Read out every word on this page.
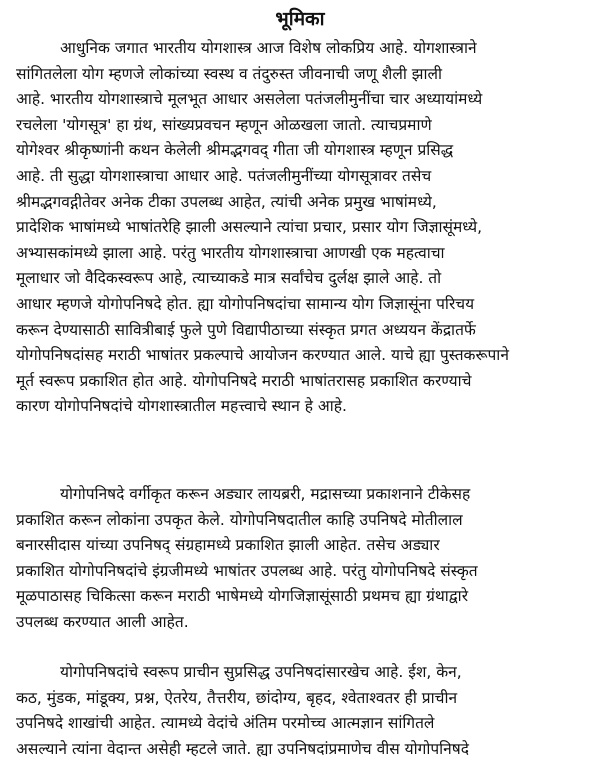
भूमिका

आधुनिक जगात भारतीय योगशास्त्र आज विशेष लोकप्रिय आहे. योगशास्त्राने
सांगितलेला योग म्हणजे लोकांच्या स्वस्थ व तंदुरुस्त जीवनाची जणू शैली झाली
आहे. भारतीय योगशास्त्राचे मूलभूत आधार असलेला पतंजलीमुनींचा चार अध्यायांमध्ये
रचलेला 'योगसूत्र' हा ग्रंथ, सांख्यप्रवचन म्हणून ओळखला जातो. त्याचप्रमाणे
योगेश्वर श्रीकृष्णांनी कथन केलेली श्रीमद्भगवद् गीता जी योगशास्त्र म्हणून प्रसिद्ध
आहे. ती सुद्धा योगशास्त्राचा आधार आहे. पतंजलीमुनींच्या योगसूत्रावर तसेच
श्रीमद्भगवद्गीतेवर अनेक टीका उपलब्ध आहेत, त्यांची अनेक प्रमुख भाषांमध्ये,
प्रादेशिक भाषांमध्ये भाषांतरेहि झाली असल्याने त्यांचा प्रचार, प्रसार योग जिज्ञासूंमध्ये,
अभ्यासकांमध्ये झाला आहे. परंतु भारतीय योगशास्त्राचा आणखी एक महत्वाचा
मूलाधार जो वैदिकस्वरूप आहे, त्याच्याकडे मात्र सर्वांचेच दुर्लक्ष झाले आहे. तो
आधार म्हणजे योगोपनिषदे होत. ह्या योगोपनिषदांचा सामान्य योग जिज्ञासूंना परिचय
करून देण्यासाठी सावित्रीबाई फुले पुणे विद्यापीठाच्या संस्कृत प्रगत अध्ययन केंद्रातर्फे
योगोपनिषदांसह मराठी भाषांतर प्रकल्पाचे आयोजन करण्यात आले. याचे ह्या पुस्तकरूपाने
मूर्त स्वरूप प्रकाशित होत आहे. योगोपनिषदे मराठी भाषांतरासह प्रकाशित करण्याचे
कारण योगोपनिषदांचे योगशास्त्रातील महत्त्वाचे स्थान हे आहे.

योगोपनिषदे वर्गीकृत करून अड्यार लायब्ररी, मद्रासच्या प्रकाशनाने टीकेसह
प्रकाशित करून लोकांना उपकृत केले. योगोपनिषदातील काहि उपनिषदे मोतीलाल
बनारसीदास यांच्या उपनिषद् संग्रहामध्ये प्रकाशित झाली आहेत. तसेच अड्यार
प्रकाशित योगोपनिषदांचे इंग्रजीमध्ये भाषांतर उपलब्ध आहे. परंतु योगोपनिषदे संस्कृत
मूळपाठासह चिकित्सा करून मराठी भाषेमध्ये योगजिज्ञासूंसाठी प्रथमच ह्या ग्रंथाद्वारे
उपलब्ध करण्यात आली आहेत.

योगोपनिषदांचे स्वरूप प्राचीन सुप्रसिद्ध उपनिषदांसारखेच आहे. ईश, केन,
कठ, मुंडक, मांडूक्य, प्रश्न, ऐतरेय, तैत्तरीय, छांदोग्य, बृहद, श्वेताश्वतर ही प्राचीन
उपनिषदे शाखांची आहेत. त्यामध्ये वेदांचे अंतिम परमोच्च आत्मज्ञान सांगितले
असल्याने त्यांना वेदान्त असेही म्हटले जाते. ह्या उपनिषदांप्रमाणेच वीस योगोपनिषदे
